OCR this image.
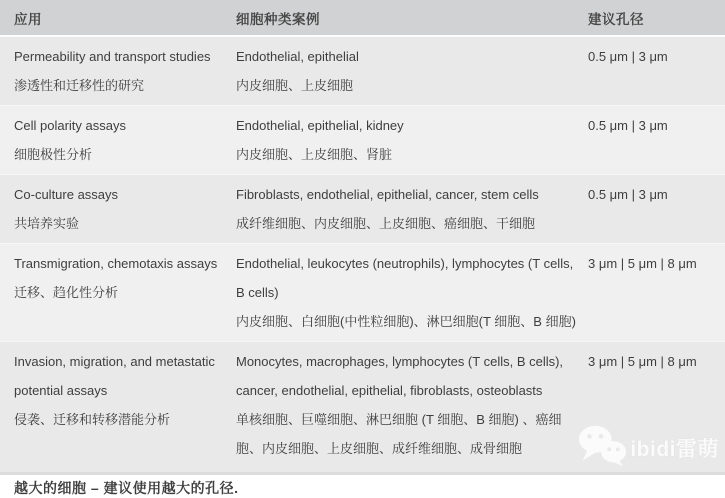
应用	细胞种类案例	建议孔径
Permeability and transport studies
渗透性和迁移性的研究
Endothelial, epithelial
内皮细胞、上皮细胞
0.5 μm | 3 μm
Cell polarity assays
细胞极性分析
Endothelial, epithelial, kidney
内皮细胞、上皮细胞、肾脏
0.5 μm | 3 μm
Co-culture assays
共培养实验
Fibroblasts, endothelial, epithelial, cancer, stem cells
成纤维细胞、内皮细胞、上皮细胞、癌细胞、干细胞
0.5 μm | 3 μm
Transmigration, chemotaxis assays
迁移、趋化性分析
Endothelial, leukocytes (neutrophils), lymphocytes (T cells, B cells)
内皮细胞、白细胞(中性粒细胞)、淋巴细胞(T 细胞、B 细胞)
3 μm | 5 μm | 8 μm
Invasion, migration, and metastatic potential assays
侵袭、迁移和转移潜能分析
Monocytes, macrophages, lymphocytes (T cells, B cells), cancer, endothelial, epithelial, fibroblasts, osteoblasts
单核细胞、巨噬细胞、淋巴细胞 (T 细胞、B 细胞) 、癌细胞、内皮细胞、上皮细胞、成纤维细胞、成骨细胞
3 μm | 5 μm | 8 μm
越大的细胞 – 建议使用越大的孔径.
ibidi雷萌
